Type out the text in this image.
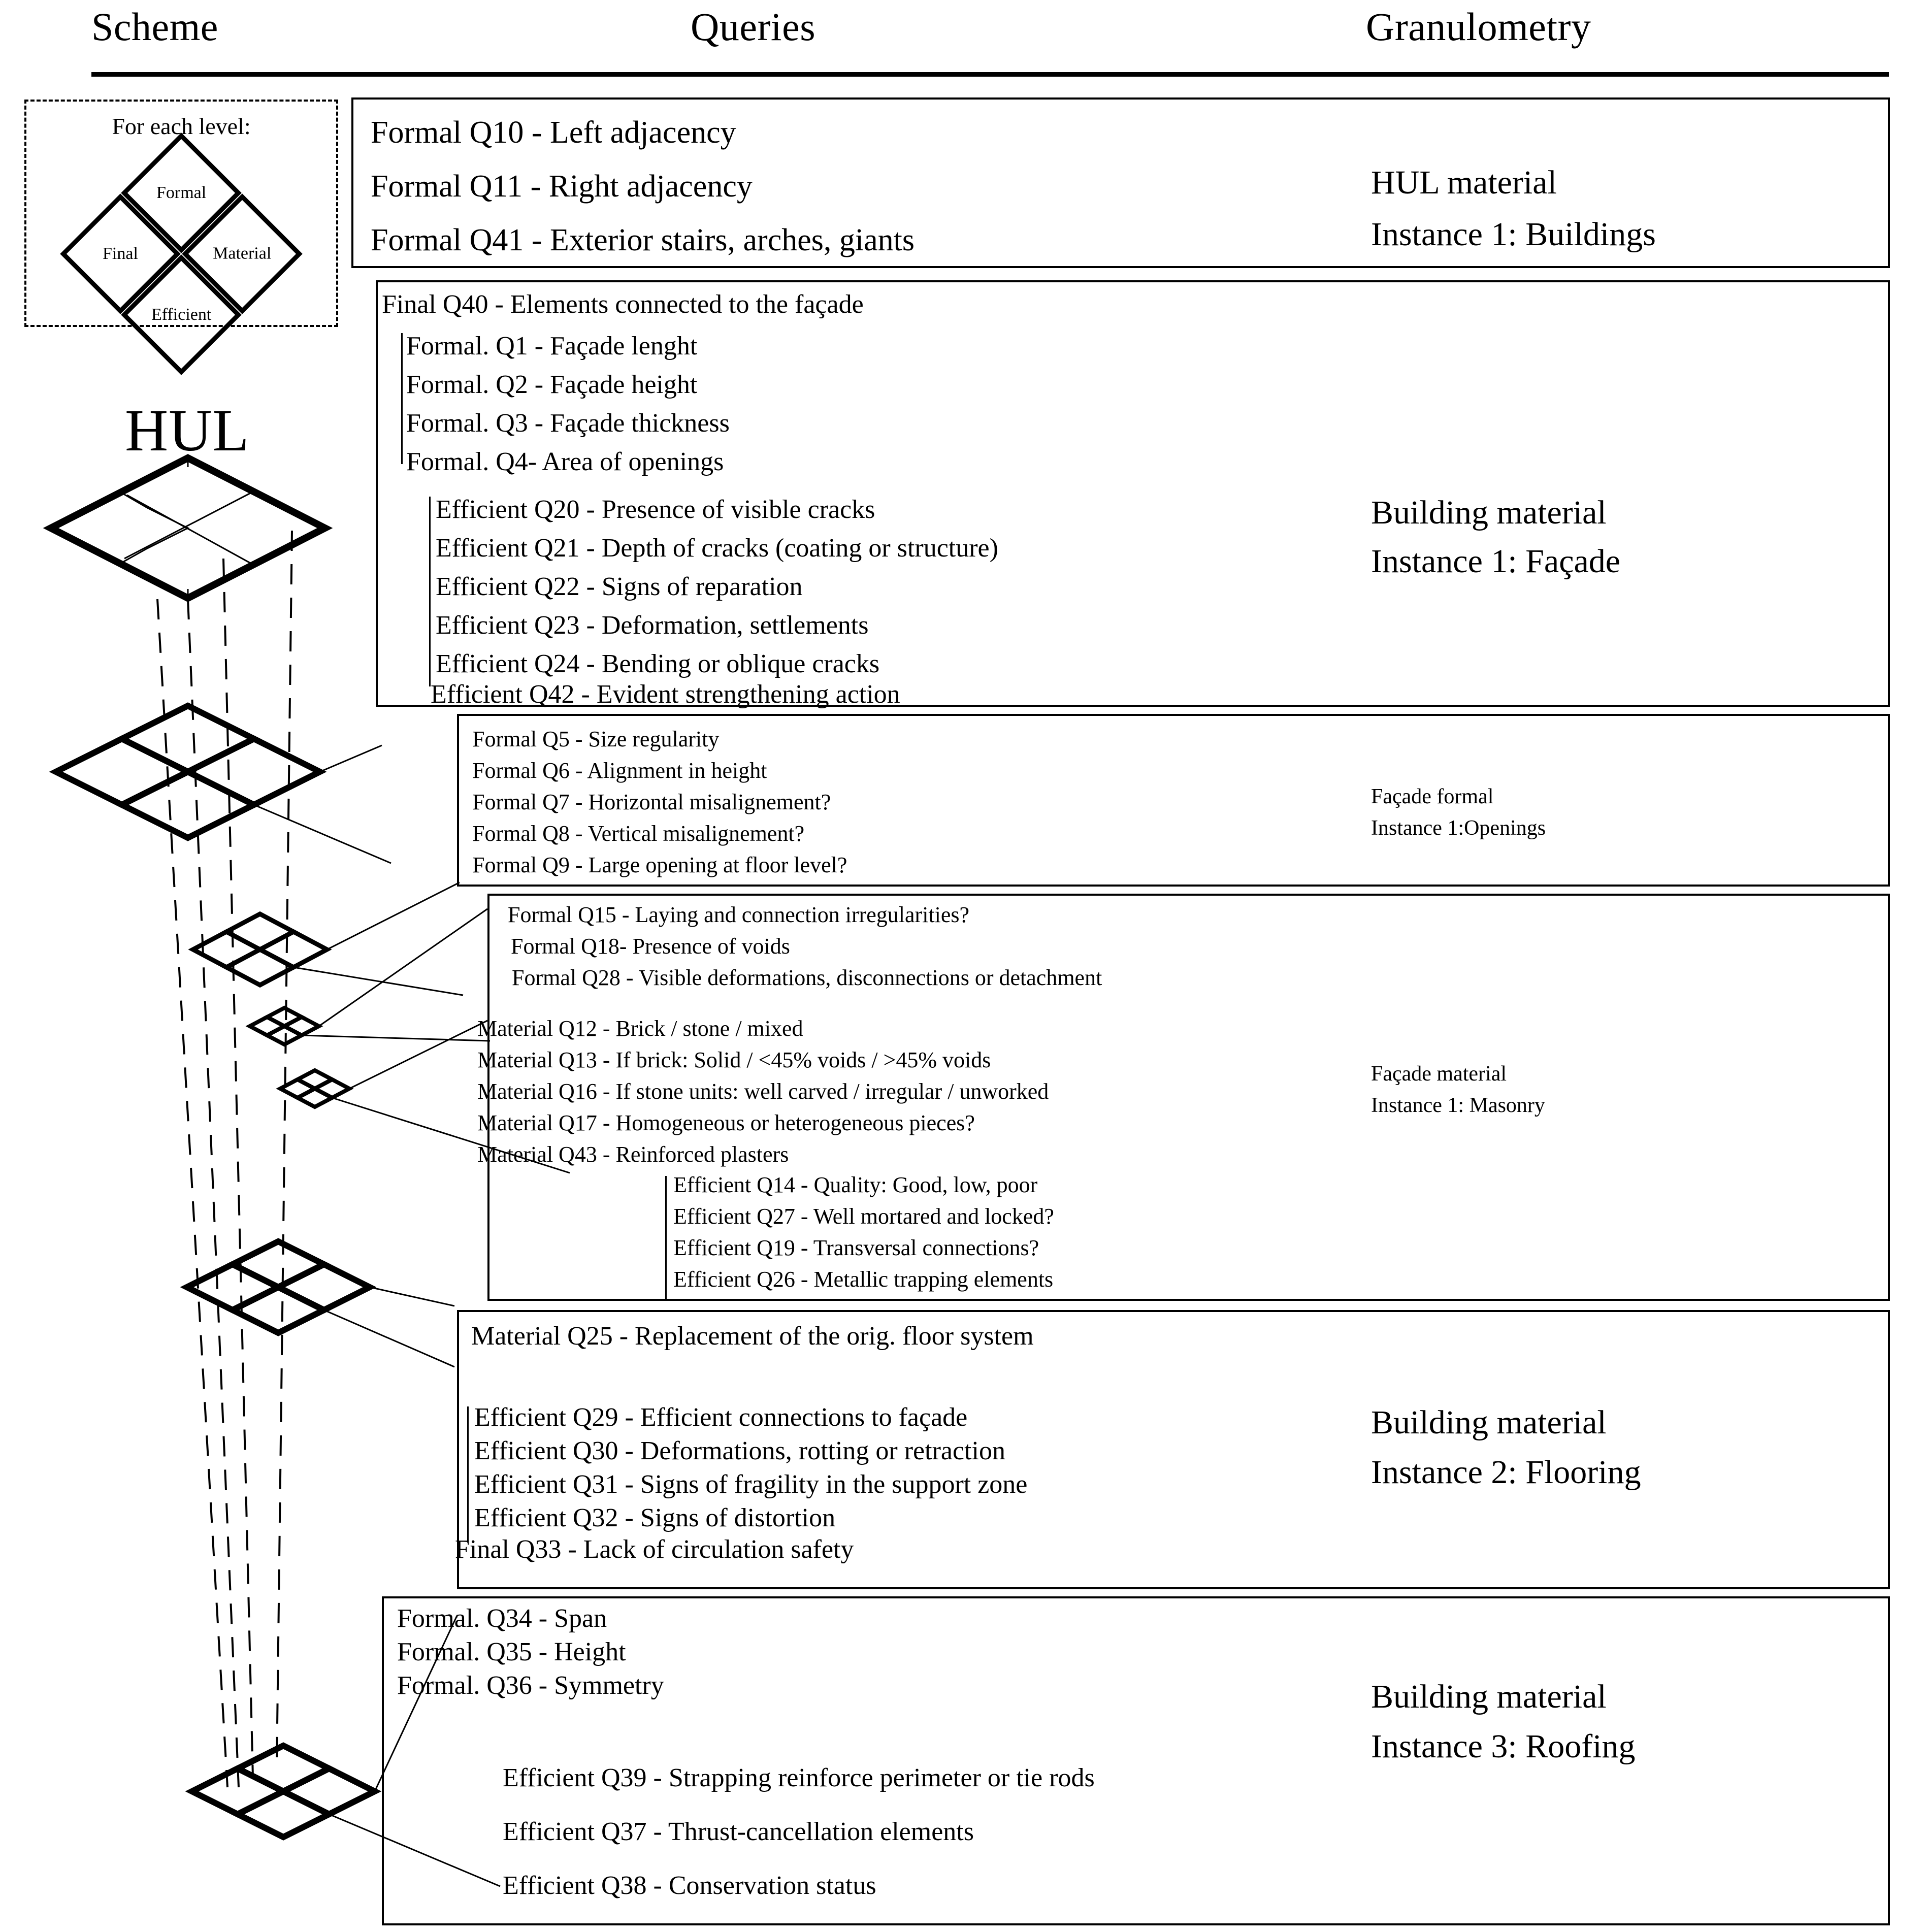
Scheme	Queries	Granulometry
For each level:
Formal
Final	Material
Efficient
HUL
Formal Q10 - Left adjacency
Formal Q11 - Right adjacency
Formal Q41 - Exterior stairs, arches, giants
HUL material
Instance 1: Buildings
Final Q40 - Elements connected to the façade
Formal. Q1 - Façade lenght
Formal. Q2 - Façade height
Formal. Q3 - Façade thickness
Formal. Q4- Area of openings
Efficient Q20 - Presence of visible cracks
Efficient Q21 - Depth of cracks (coating or structure)
Efficient Q22 - Signs of reparation
Efficient Q23 - Deformation, settlements
Efficient Q24 - Bending or oblique cracks
Efficient Q42 - Evident strengthening action
Building material
Instance 1: Façade
Formal Q5 - Size regularity
Formal Q6 - Alignment in height
Formal Q7 - Horizontal misalignement?
Formal Q8 - Vertical misalignement?
Formal Q9 - Large opening at floor level?
Façade formal
Instance 1:Openings
Formal Q15 - Laying and connection irregularities?
Formal Q18- Presence of voids
Formal Q28 - Visible deformations, disconnections or detachment
Material Q12 - Brick / stone / mixed
Material Q13 - If brick: Solid / <45% voids / >45% voids
Material Q16 - If stone units: well carved / irregular / unworked
Material Q17 - Homogeneous or heterogeneous pieces?
Material Q43 - Reinforced plasters
Efficient Q14 - Quality: Good, low, poor
Efficient Q27 - Well mortared and locked?
Efficient Q19 - Transversal connections?
Efficient Q26 - Metallic trapping elements
Façade material
Instance 1: Masonry
Material Q25 - Replacement of the orig. floor system
Efficient Q29 - Efficient connections to façade
Efficient Q30 - Deformations, rotting or retraction
Efficient Q31 - Signs of fragility in the support zone
Efficient Q32 - Signs of distortion
Final Q33 - Lack of circulation safety
Building material
Instance 2: Flooring
Formal. Q34 - Span
Formal. Q35 - Height
Formal. Q36 - Symmetry
Efficient Q39 - Strapping reinforce perimeter or tie rods
Efficient Q37 - Thrust-cancellation elements
Efficient Q38 - Conservation status
Building material
Instance 3: Roofing
